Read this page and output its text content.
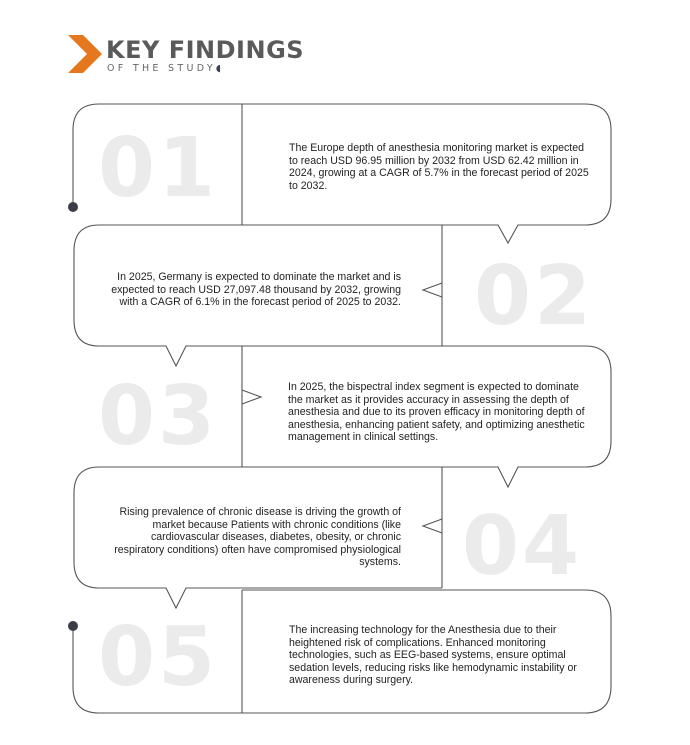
KEY FINDINGS
OF THE STUDY◖
01
02
03
04
05

The Europe depth of anesthesia monitoring market is expected to reach USD 96.95 million by 2032 from USD 62.42 million in 2024, growing at a CAGR of 5.7% in the forecast period of 2025 to 2032.

In 2025, Germany is expected to dominate the market and is expected to reach USD 27,097.48 thousand by 2032, growing with a CAGR of 6.1% in the forecast period of 2025 to 2032.

In 2025, the bispectral index segment is expected to dominate the market as it provides accuracy in assessing the depth of anesthesia and due to its proven efficacy in monitoring depth of anesthesia, enhancing patient safety, and optimizing anesthetic management in clinical settings.

Rising prevalence of chronic disease is driving the growth of market because Patients with chronic conditions (like cardiovascular diseases, diabetes, obesity, or chronic respiratory conditions) often have compromised physiological systems.

The increasing technology for the Anesthesia due to their heightened risk of complications. Enhanced monitoring technologies, such as EEG-based systems, ensure optimal sedation levels, reducing risks like hemodynamic instability or awareness during surgery.
